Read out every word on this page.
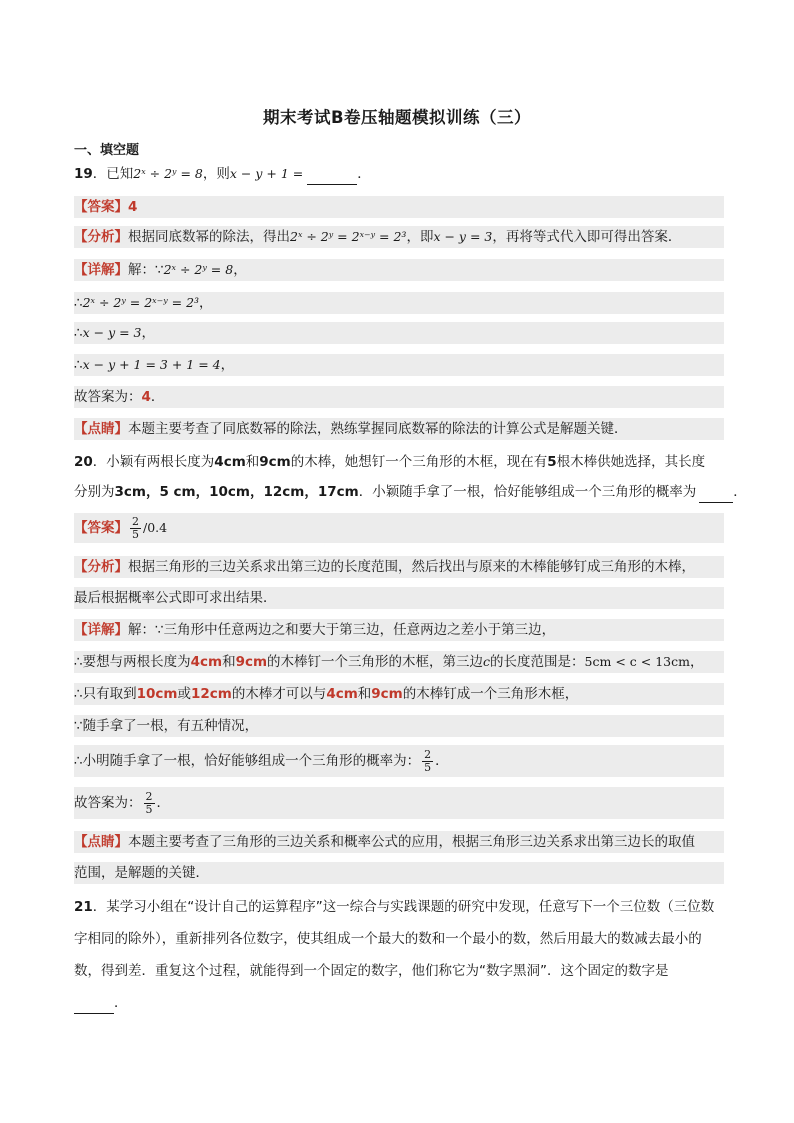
期末考试B卷压轴题模拟训练（三）
一、填空题
19．已知2ˣ ÷ 2ʸ = 8，则x − y + 1 =	．
【答案】4
【分析】根据同底数幂的除法，得出2ˣ ÷ 2ʸ = 2ˣ⁻ʸ = 2³，即x − y = 3，再将等式代入即可得出答案．
【详解】解：∵2ˣ ÷ 2ʸ = 8，
∴2ˣ ÷ 2ʸ = 2ˣ⁻ʸ = 2³，
∴x − y = 3，
∴x − y + 1 = 3 + 1 = 4，
故答案为：4．
【点睛】本题主要考查了同底数幂的除法，熟练掌握同底数幂的除法的计算公式是解题关键．
20．小颖有两根长度为4cm和9cm的木棒，她想钉一个三角形的木框，现在有5根木棒供她选择，其长度
分别为3cm，5 cm，10cm，12cm，17cm．小颖随手拿了一根，恰好能够组成一个三角形的概率为	．
【答案】 $\frac{2}{5} /0.4$
【分析】根据三角形的三边关系求出第三边的长度范围，然后找出与原来的木棒能够钉成三角形的木棒，
最后根据概率公式即可求出结果．
【详解】解：∵三角形中任意两边之和要大于第三边，任意两边之差小于第三边，
∴要想与两根长度为4cm和9cm的木棒钉一个三角形的木框，第三边c的长度范围是：5cm < c < 13cm，
∴只有取到10cm或12cm的木棒才可以与4cm和9cm的木棒钉成一个三角形木框，
∵随手拿了一根，有五种情况，
∴小明随手拿了一根，恰好能够组成一个三角形的概率为： $\frac{2}{5}$ ．
故答案为： $\frac{2}{5}$ ．
【点睛】本题主要考查了三角形的三边关系和概率公式的应用，根据三角形三边关系求出第三边长的取值
范围，是解题的关键．
21．某学习小组在“设计自己的运算程序”这一综合与实践课题的研究中发现，任意写下一个三位数（三位数
字相同的除外），重新排列各位数字，使其组成一个最大的数和一个最小的数，然后用最大的数减去最小的
数，得到差．重复这个过程，就能得到一个固定的数字，他们称它为“数字黑洞”．这个固定的数字是
．
